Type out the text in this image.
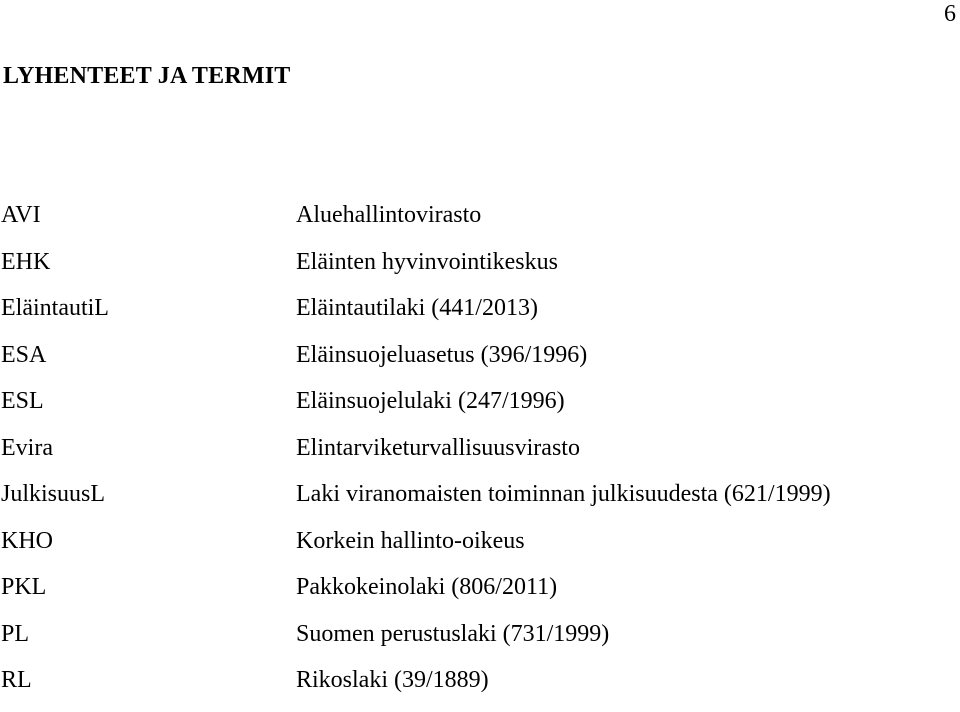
6
LYHENTEET JA TERMIT
AVI	Aluehallintovirasto
EHK	Eläinten hyvinvointikeskus
EläintautiL	Eläintautilaki (441/2013)
ESA	Eläinsuojeluasetus (396/1996)
ESL	Eläinsuojelulaki (247/1996)
Evira	Elintarviketurvallisuusvirasto
JulkisuusL	Laki viranomaisten toiminnan julkisuudesta (621/1999)
KHO	Korkein hallinto-oikeus
PKL	Pakkokeinolaki (806/2011)
PL	Suomen perustuslaki (731/1999)
RL	Rikoslaki (39/1889)
